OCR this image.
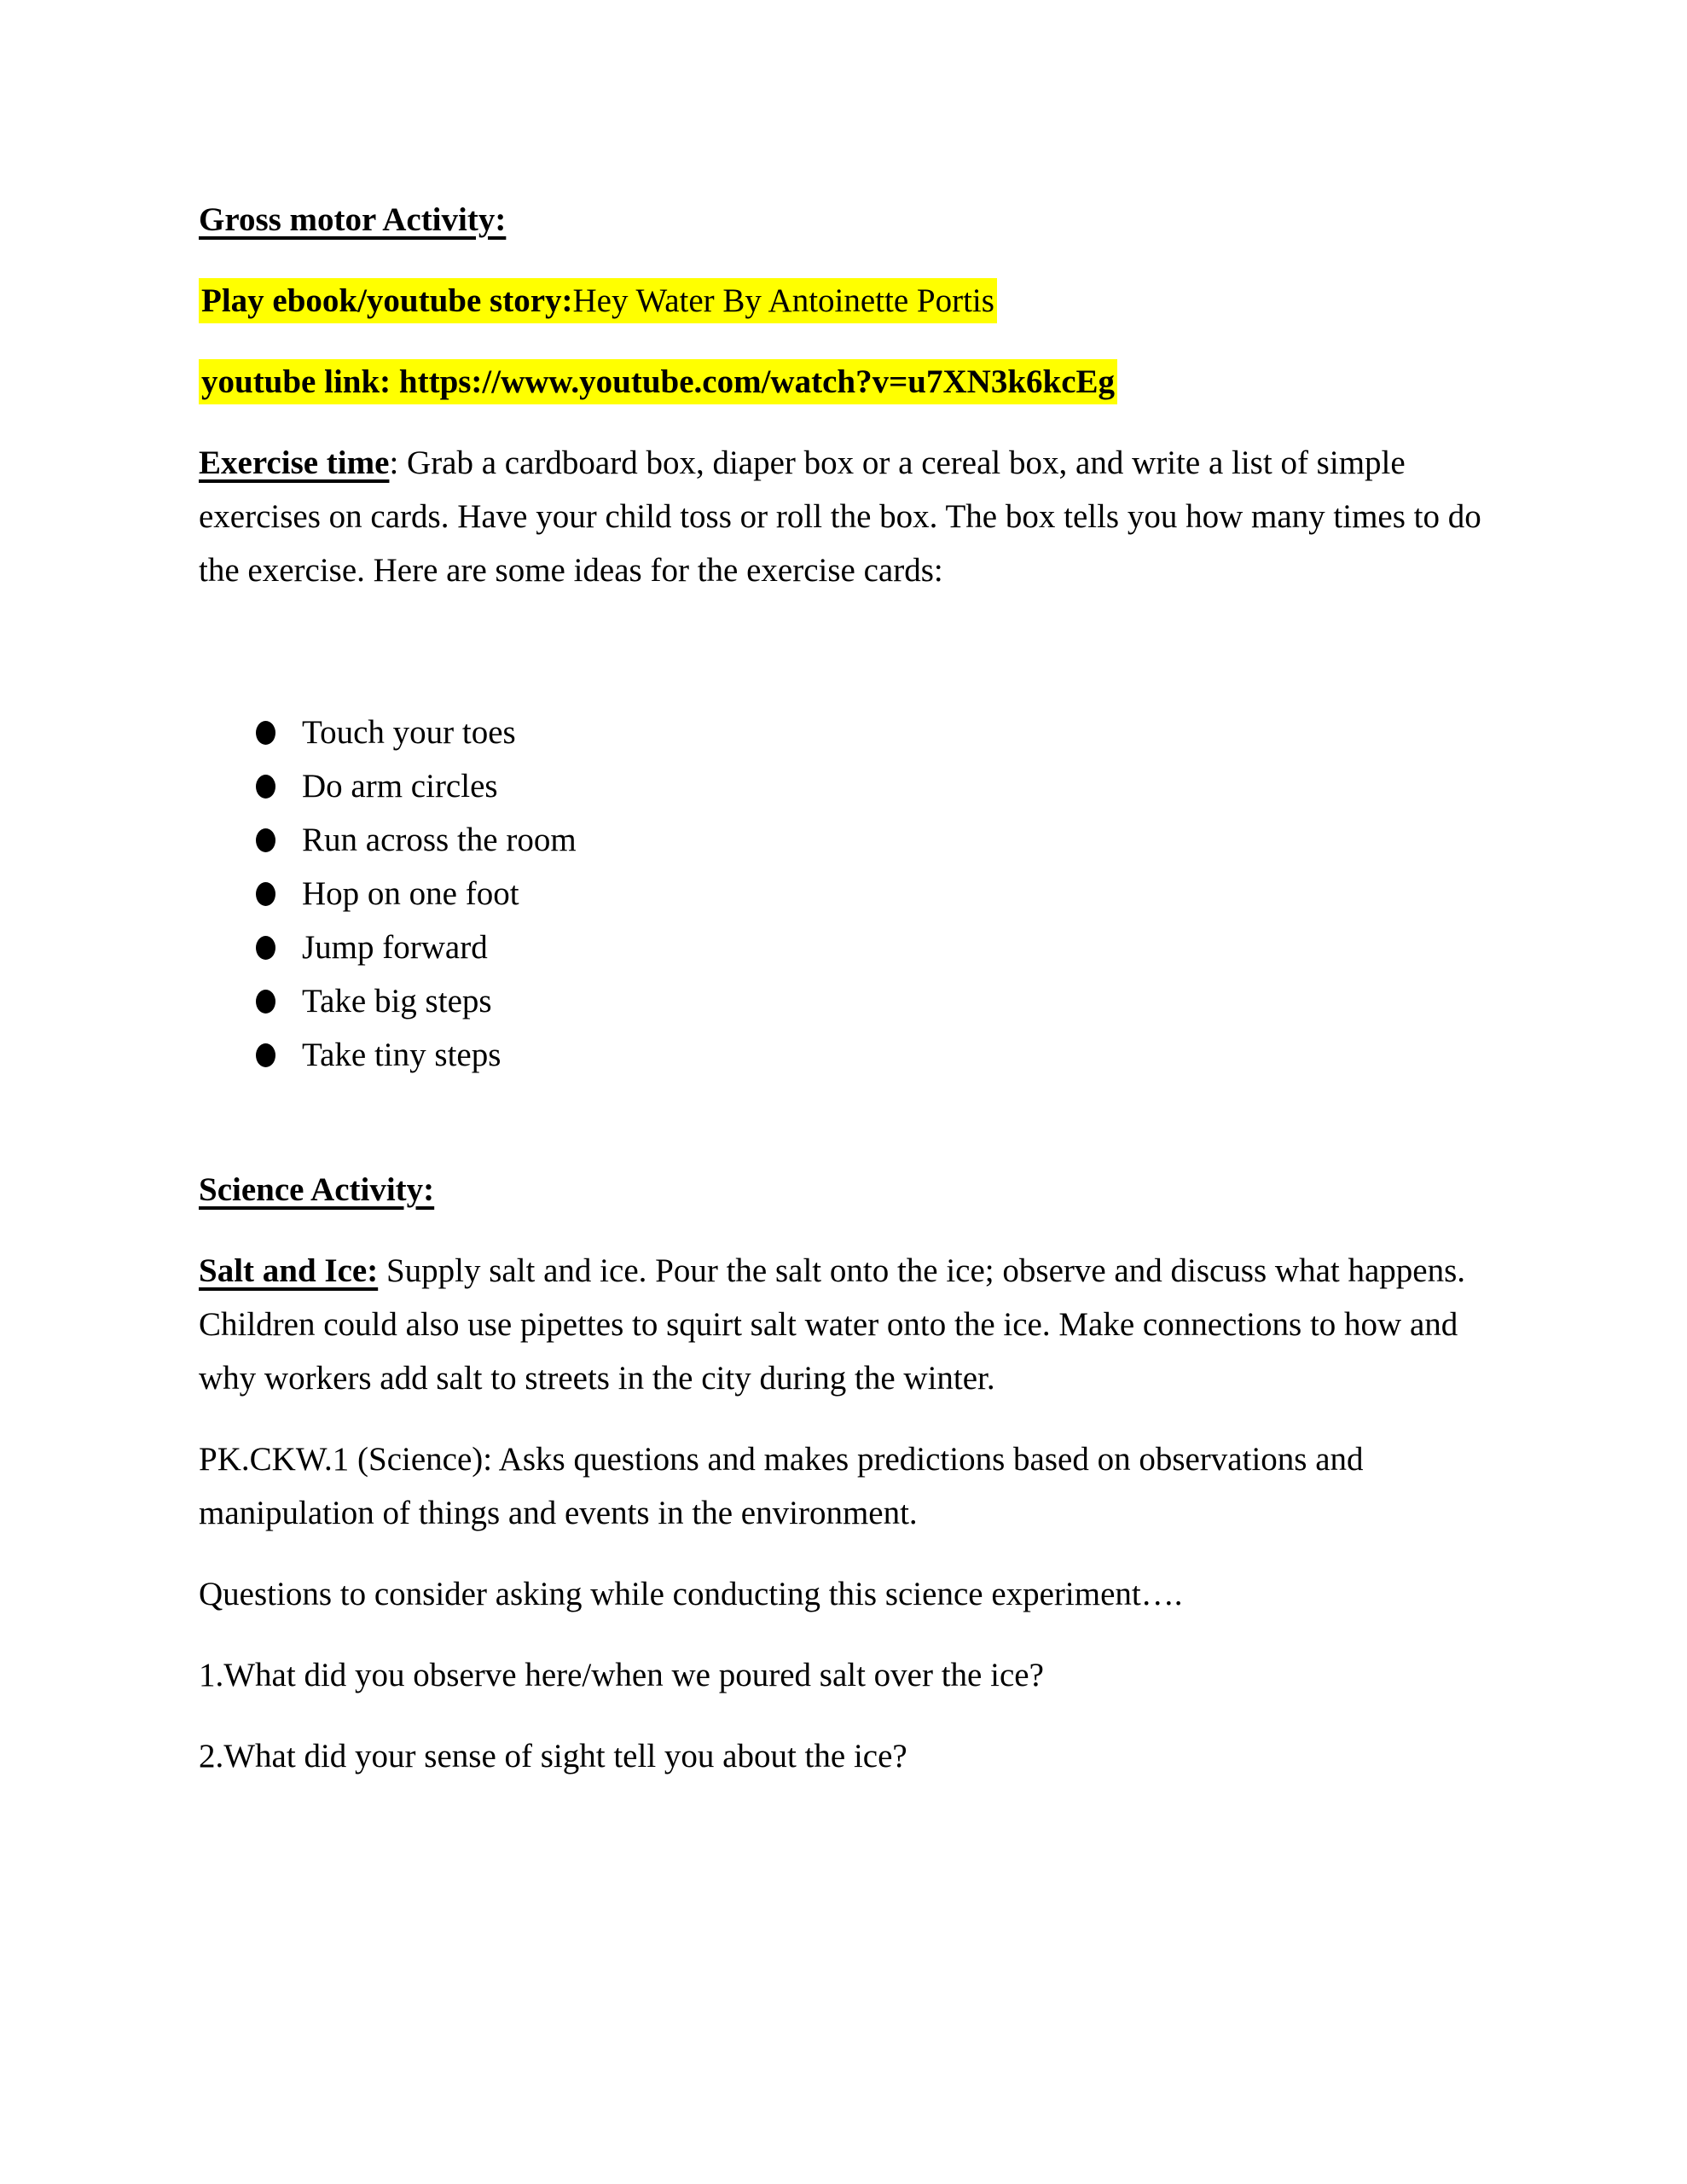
Gross motor Activity:

Play ebook/youtube story:Hey Water By Antoinette Portis

youtube link: https://www.youtube.com/watch?v=u7XN3k6kcEg

Exercise time: Grab a cardboard box, diaper box or a cereal box, and write a list of simple exercises on cards. Have your child toss or roll the box. The box tells you how many times to do the exercise. Here are some ideas for the exercise cards:

Touch your toes
Do arm circles
Run across the room
Hop on one foot
Jump forward
Take big steps
Take tiny steps

Science Activity:

Salt and Ice: Supply salt and ice. Pour the salt onto the ice; observe and discuss what happens. Children could also use pipettes to squirt salt water onto the ice. Make connections to how and why workers add salt to streets in the city during the winter.

PK.CKW.1 (Science): Asks questions and makes predictions based on observations and manipulation of things and events in the environment.

Questions to consider asking while conducting this science experiment….

1.What did you observe here/when we poured salt over the ice?

2.What did your sense of sight tell you about the ice?
